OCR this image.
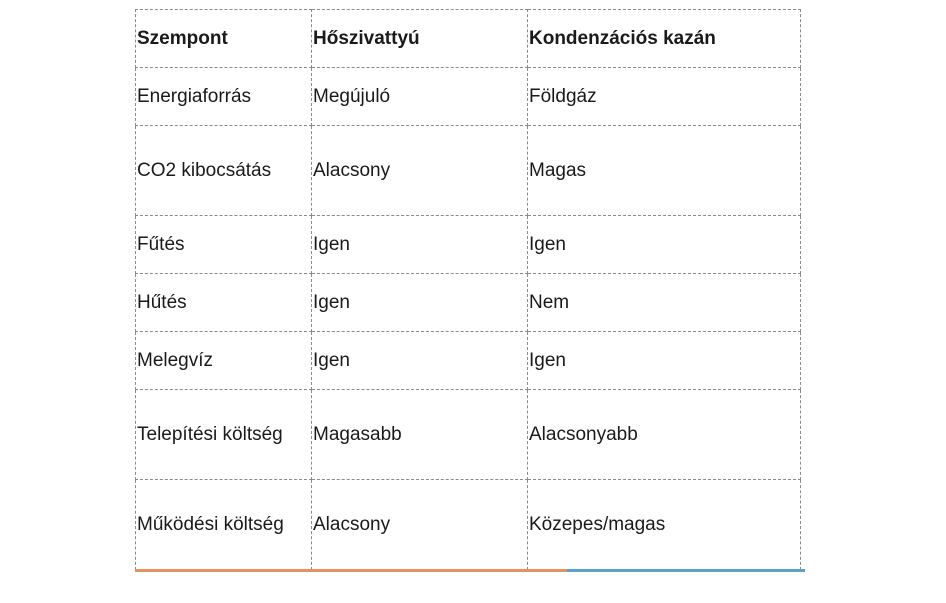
Szempont	Hőszivattyú	Kondenzációs kazán
Energiaforrás	Megújuló	Földgáz
CO2 kibocsátás	Alacsony	Magas
Fűtés	Igen	Igen
Hűtés	Igen	Nem
Melegvíz	Igen	Igen
Telepítési költség	Magasabb	Alacsonyabb
Működési költség	Alacsony	Közepes/magas
